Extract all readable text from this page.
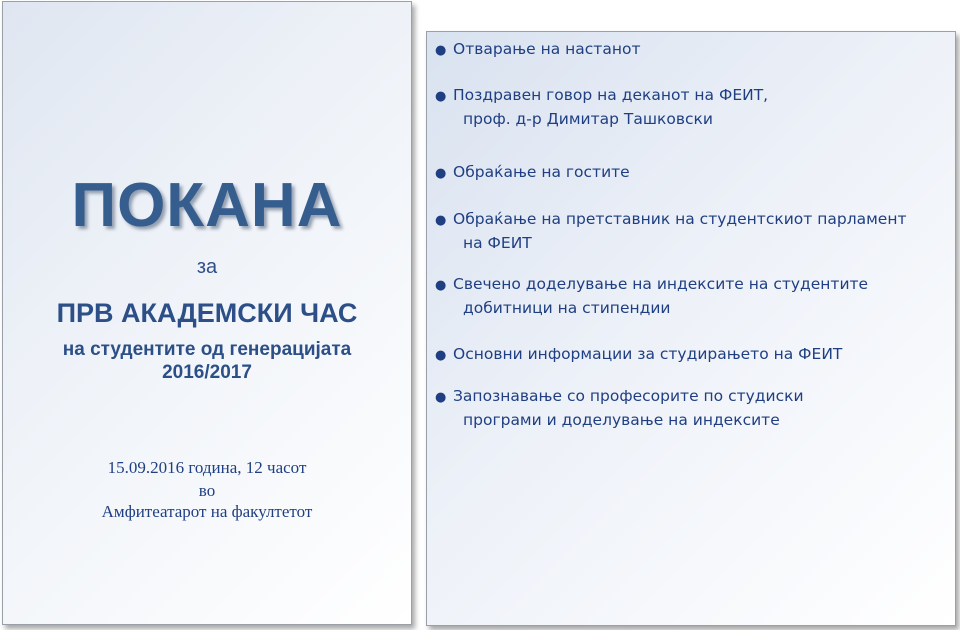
ПОКАНА

за

ПРВ АКАДЕМСКИ ЧАС

на студентите од генерацијата

2016/2017

15.09.2016 година, 12 часот

во

Амфитеатарот на факултетот

● Отварање на настанот
● Поздравен говор на деканот на ФЕИТ,
проф. д-р Димитар Ташковски
● Обраќање на гостите
● Обраќање на претставник на студентскиот парламент
на ФЕИТ
● Свечено доделување на индексите на студентите
добитници на стипендии
● Основни информации за студирањето на ФЕИТ
● Запознавање со професорите по студиски
програми и доделување на индексите
